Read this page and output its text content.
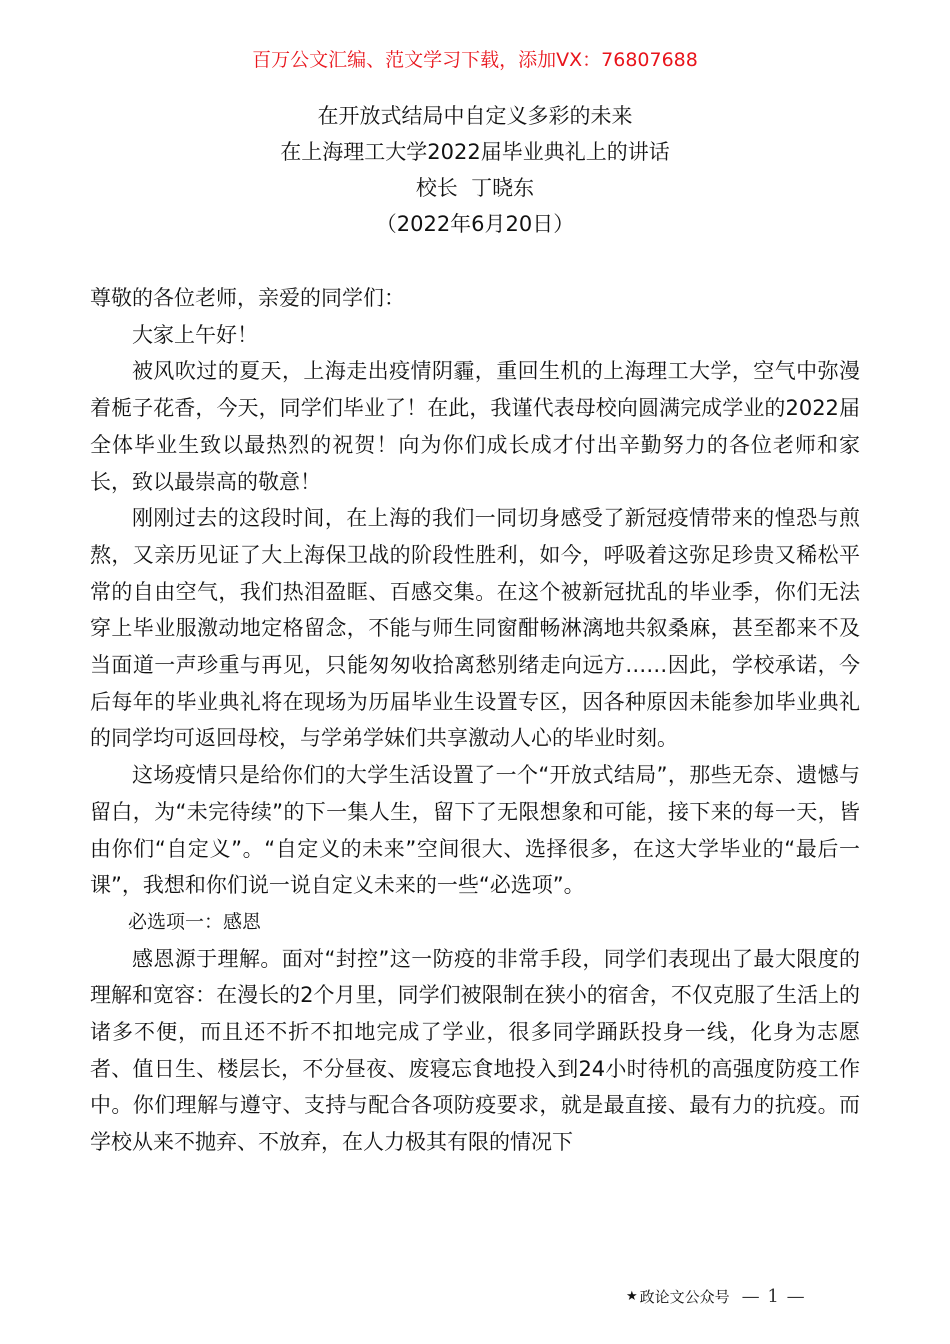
百万公文汇编、范文学习下载，添加VX：76807688
在开放式结局中自定义多彩的未来
在上海理工大学2022届毕业典礼上的讲话
校长  丁晓东
（2022年6月20日）

尊敬的各位老师，亲爱的同学们：

大家上午好！

被风吹过的夏天，上海走出疫情阴霾，重回生机的上海理工大学，空气中弥漫着栀子花香，今天，同学们毕业了！在此，我谨代表母校向圆满完成学业的2022届全体毕业生致以最热烈的祝贺！向为你们成长成才付出辛勤努力的各位老师和家长，致以最崇高的敬意！

刚刚过去的这段时间，在上海的我们一同切身感受了新冠疫情带来的惶恐与煎熬，又亲历见证了大上海保卫战的阶段性胜利，如今，呼吸着这弥足珍贵又稀松平常的自由空气，我们热泪盈眶、百感交集。在这个被新冠扰乱的毕业季，你们无法穿上毕业服激动地定格留念，不能与师生同窗酣畅淋漓地共叙桑麻，甚至都来不及当面道一声珍重与再见，只能匆匆收拾离愁别绪走向远方……因此，学校承诺，今后每年的毕业典礼将在现场为历届毕业生设置专区，因各种原因未能参加毕业典礼的同学均可返回母校，与学弟学妹们共享激动人心的毕业时刻。

这场疫情只是给你们的大学生活设置了一个“开放式结局”，那些无奈、遗憾与留白，为“未完待续”的下一集人生，留下了无限想象和可能，接下来的每一天，皆由你们“自定义”。“自定义的未来”空间很大、选择很多，在这大学毕业的“最后一课”，我想和你们说一说自定义未来的一些“必选项”。

必选项一：感恩

感恩源于理解。面对“封控”这一防疫的非常手段，同学们表现出了最大限度的理解和宽容：在漫长的2个月里，同学们被限制在狭小的宿舍，不仅克服了生活上的诸多不便，而且还不折不扣地完成了学业，很多同学踊跃投身一线，化身为志愿者、值日生、楼层长，不分昼夜、废寝忘食地投入到24小时待机的高强度防疫工作中。你们理解与遵守、支持与配合各项防疫要求，就是最直接、最有力的抗疫。而学校从来不抛弃、不放弃，在人力极其有限的情况下

★ 政论文公众号 — 1 —
